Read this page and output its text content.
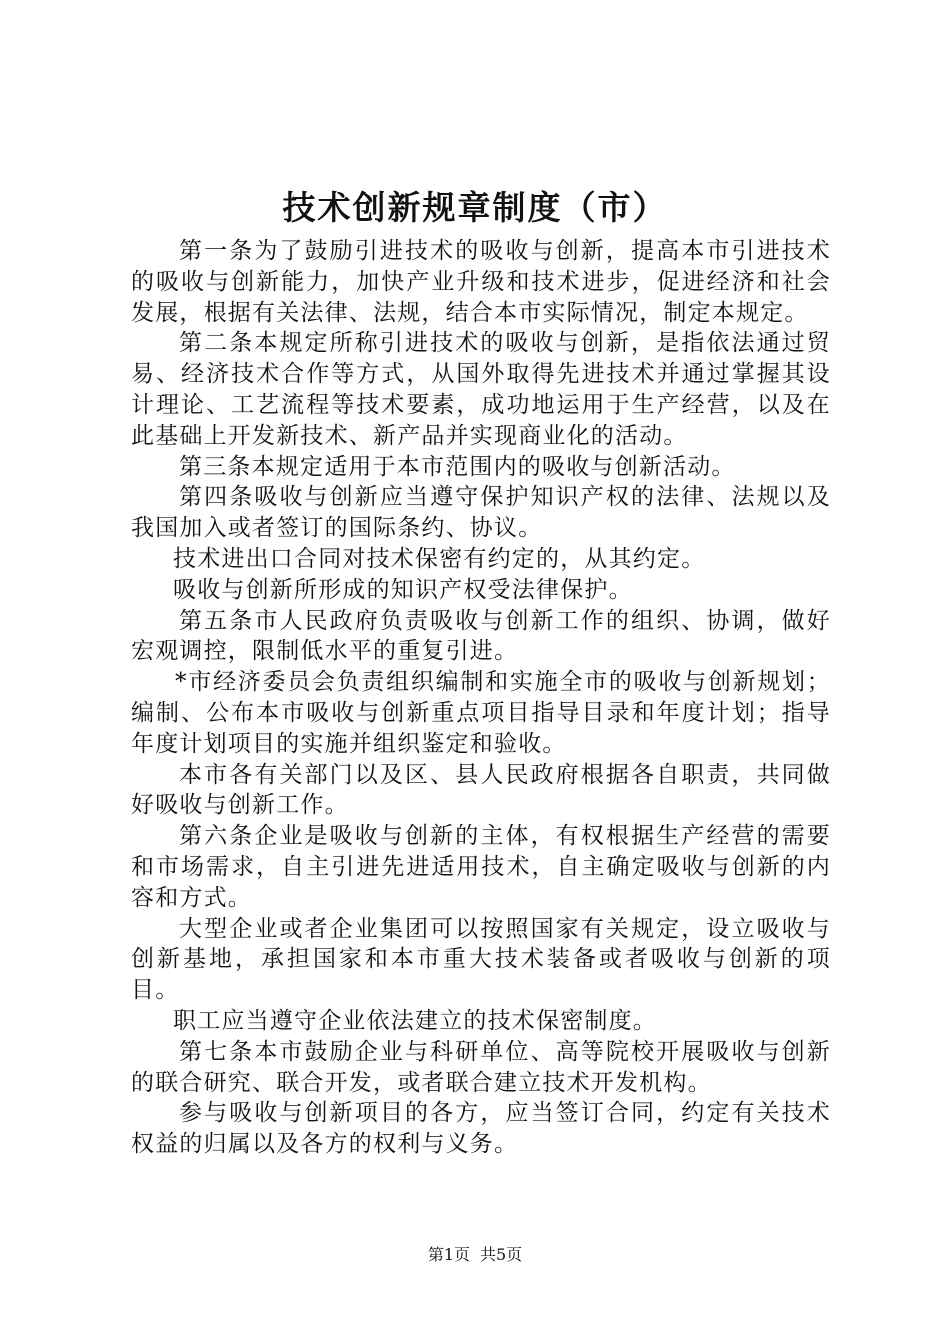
技术创新规章制度（市）

第一条为了鼓励引进技术的吸收与创新，提高本市引进技术的吸收与创新能力，加快产业升级和技术进步，促进经济和社会发展，根据有关法律、法规，结合本市实际情况，制定本规定。

第二条本规定所称引进技术的吸收与创新，是指依法通过贸易、经济技术合作等方式，从国外取得先进技术并通过掌握其设计理论、工艺流程等技术要素，成功地运用于生产经营，以及在此基础上开发新技术、新产品并实现商业化的活动。

第三条本规定适用于本市范围内的吸收与创新活动。

第四条吸收与创新应当遵守保护知识产权的法律、法规以及我国加入或者签订的国际条约、协议。

技术进出口合同对技术保密有约定的，从其约定。

吸收与创新所形成的知识产权受法律保护。

第五条市人民政府负责吸收与创新工作的组织、协调，做好宏观调控，限制低水平的重复引进。

*市经济委员会负责组织编制和实施全市的吸收与创新规划；编制、公布本市吸收与创新重点项目指导目录和年度计划；指导年度计划项目的实施并组织鉴定和验收。

本市各有关部门以及区、县人民政府根据各自职责，共同做好吸收与创新工作。

第六条企业是吸收与创新的主体，有权根据生产经营的需要和市场需求，自主引进先进适用技术，自主确定吸收与创新的内容和方式。

大型企业或者企业集团可以按照国家有关规定，设立吸收与创新基地，承担国家和本市重大技术装备或者吸收与创新的项目。

职工应当遵守企业依法建立的技术保密制度。

第七条本市鼓励企业与科研单位、高等院校开展吸收与创新的联合研究、联合开发，或者联合建立技术开发机构。

参与吸收与创新项目的各方，应当签订合同，约定有关技术权益的归属以及各方的权利与义务。

第1页 共5页
